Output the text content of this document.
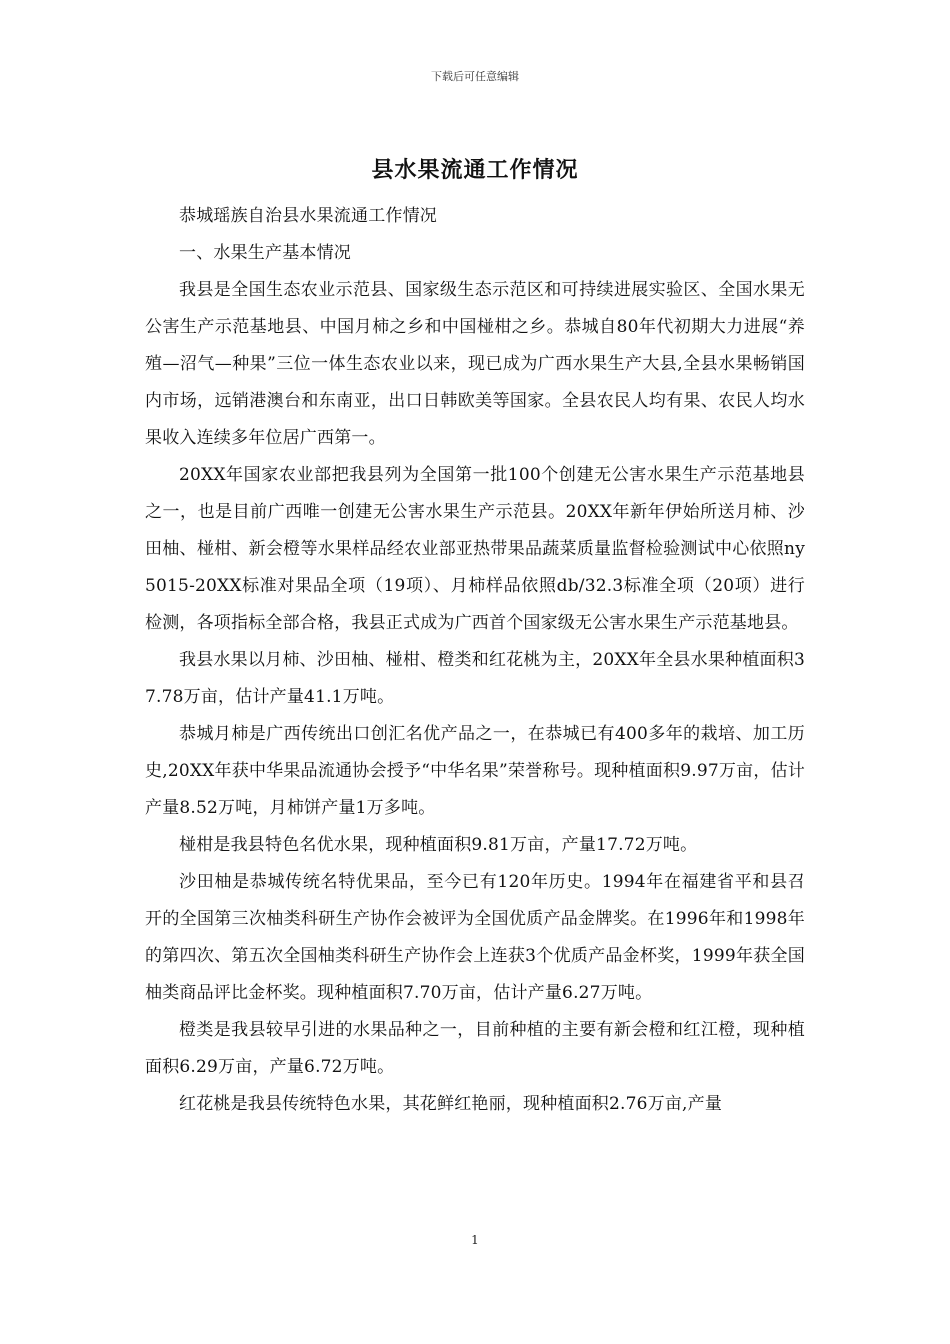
下载后可任意编辑
县水果流通工作情况

恭城瑶族自治县水果流通工作情况

一、水果生产基本情况

我县是全国生态农业示范县、国家级生态示范区和可持续进展实验区、全国水果无公害生产示范基地县、中国月柿之乡和中国椪柑之乡。恭城自80年代初期大力进展“养殖—沼气—种果”三位一体生态农业以来，现已成为广西水果生产大县,全县水果畅销国内市场，远销港澳台和东南亚，出口日韩欧美等国家。全县农民人均有果、农民人均水果收入连续多年位居广西第一。

20XX年国家农业部把我县列为全国第一批100个创建无公害水果生产示范基地县之一，也是目前广西唯一创建无公害水果生产示范县。20XX年新年伊始所送月柿、沙田柚、椪柑、新会橙等水果样品经农业部亚热带果品蔬菜质量监督检验测试中心依照ny5015-20XX标准对果品全项（19项）、月柿样品依照db/32.3标准全项（20项）进行检测，各项指标全部合格，我县正式成为广西首个国家级无公害水果生产示范基地县。

我县水果以月柿、沙田柚、椪柑、橙类和红花桃为主，20XX年全县水果种植面积37.78万亩，估计产量41.1万吨。

恭城月柿是广西传统出口创汇名优产品之一，在恭城已有400多年的栽培、加工历史,20XX年获中华果品流通协会授予“中华名果”荣誉称号。现种植面积9.97万亩，估计产量8.52万吨，月柿饼产量1万多吨。

椪柑是我县特色名优水果，现种植面积9.81万亩，产量17.72万吨。

沙田柚是恭城传统名特优果品，至今已有120年历史。1994年在福建省平和县召开的全国第三次柚类科研生产协作会被评为全国优质产品金牌奖。在1996年和1998年的第四次、第五次全国柚类科研生产协作会上连获3个优质产品金杯奖，1999年获全国柚类商品评比金杯奖。现种植面积7.70万亩，估计产量6.27万吨。

橙类是我县较早引进的水果品种之一，目前种植的主要有新会橙和红江橙，现种植面积6.29万亩，产量6.72万吨。

红花桃是我县传统特色水果，其花鲜红艳丽，现种植面积2.76万亩,产量

1
